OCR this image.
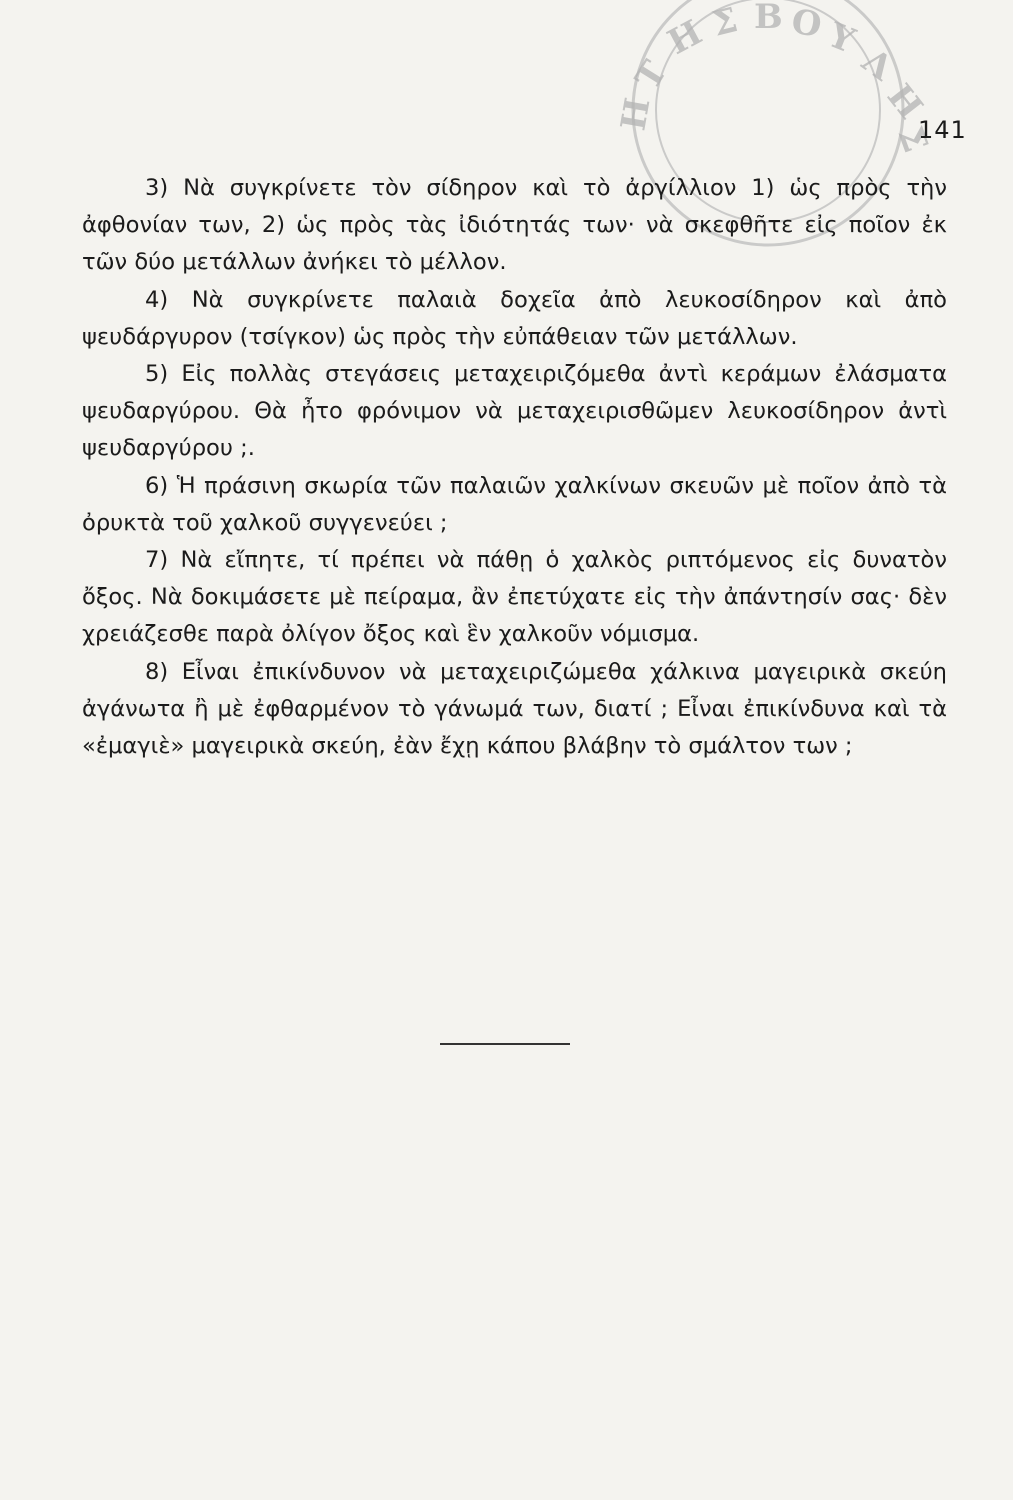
Η Σ Β Ο
Υ
Λ
Η
Σ
Τ
Η	141

3) Νὰ συγκρίνετε τὸν σίδηρον καὶ τὸ ἀργίλλιον 1) ὡς πρὸς τὴν ἀφθονίαν των, 2) ὡς πρὸς τὰς ἰδιότητάς των· νὰ σκεφθῆτε εἰς ποῖον ἐκ τῶν δύο μετάλλων ἀνήκει τὸ μέλλον.

4) Νὰ συγκρίνετε παλαιὰ δοχεῖα ἀπὸ λευκοσίδηρον καὶ ἀπὸ ψευδάργυρον (τσίγκον) ὡς πρὸς τὴν εὐπάθειαν τῶν μετάλλων.

5) Εἰς πολλὰς στεγάσεις μεταχειριζόμεθα ἀντὶ κεράμων ἐλάσματα ψευδαργύρου. Θὰ ἦτο φρόνιμον νὰ μεταχειρισθῶμεν λευκοσίδηρον ἀντὶ ψευδαργύρου ;.

6) Ἡ πράσινη σκωρία τῶν παλαιῶν χαλκίνων σκευῶν μὲ ποῖον ἀπὸ τὰ ὀρυκτὰ τοῦ χαλκοῦ συγγενεύει ;

7) Νὰ εἴπητε, τί πρέπει νὰ πάθῃ ὁ χαλκὸς ριπτόμενος εἰς δυνατὸν ὄξος. Νὰ δοκιμάσετε μὲ πείραμα, ἂν ἐπετύχατε εἰς τὴν ἀπάντησίν σας· δὲν χρειάζεσθε παρὰ ὀλίγον ὄξος καὶ ἓν χαλκοῦν νόμισμα.

8) Εἶναι ἐπικίνδυνον νὰ μεταχειριζώμεθα χάλκινα μαγειρικὰ σκεύη ἀγάνωτα ἢ μὲ ἐφθαρμένον τὸ γάνωμά των, διατί ; Εἶναι ἐπικίνδυνα καὶ τὰ «ἐμαγιὲ» μαγειρικὰ σκεύη, ἐὰν ἔχῃ κάπου βλάβην τὸ σμάλτον των ;
